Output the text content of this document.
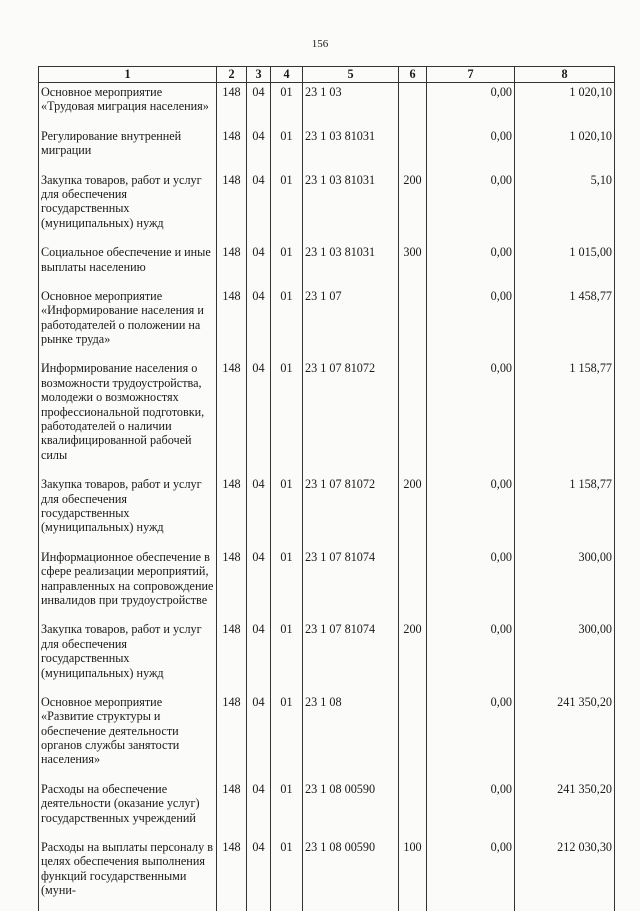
156
1	2	3	4	5	6	7	8
Основное мероприятие «Трудовая миграция населения»	148	04	01	23 1 03		0,00	1 020,10
Регулирование внутренней миграции	148	04	01	23 1 03 81031		0,00	1 020,10
Закупка товаров, работ и услуг для обеспечения государственных (муниципальных) нужд	148	04	01	23 1 03 81031	200	0,00	5,10
Социальное обеспечение и иные выплаты населению	148	04	01	23 1 03 81031	300	0,00	1 015,00
Основное мероприятие «Информирование населения и работодателей о положении на рынке труда»	148	04	01	23 1 07		0,00	1 458,77
Информирование населения о возможности трудоустройства, молодежи о возможностях профессиональной подготовки, работодателей о наличии квалифицированной рабочей силы	148	04	01	23 1 07 81072		0,00	1 158,77
Закупка товаров, работ и услуг для обеспечения государственных (муниципальных) нужд	148	04	01	23 1 07 81072	200	0,00	1 158,77
Информационное обеспечение в сфере реализации мероприятий, направленных на сопровождение инвалидов при трудоустройстве	148	04	01	23 1 07 81074		0,00	300,00
Закупка товаров, работ и услуг для обеспечения государственных (муниципальных) нужд	148	04	01	23 1 07 81074	200	0,00	300,00
Основное мероприятие «Развитие структуры и обеспечение деятельности органов службы занятости населения»	148	04	01	23 1 08		0,00	241 350,20
Расходы на обеспечение деятельности (оказание услуг) государственных учреждений	148	04	01	23 1 08 00590		0,00	241 350,20
Расходы на выплаты персоналу в целях обеспечения выполнения функций государственными (муни-	148	04	01	23 1 08 00590	100	0,00	212 030,30
